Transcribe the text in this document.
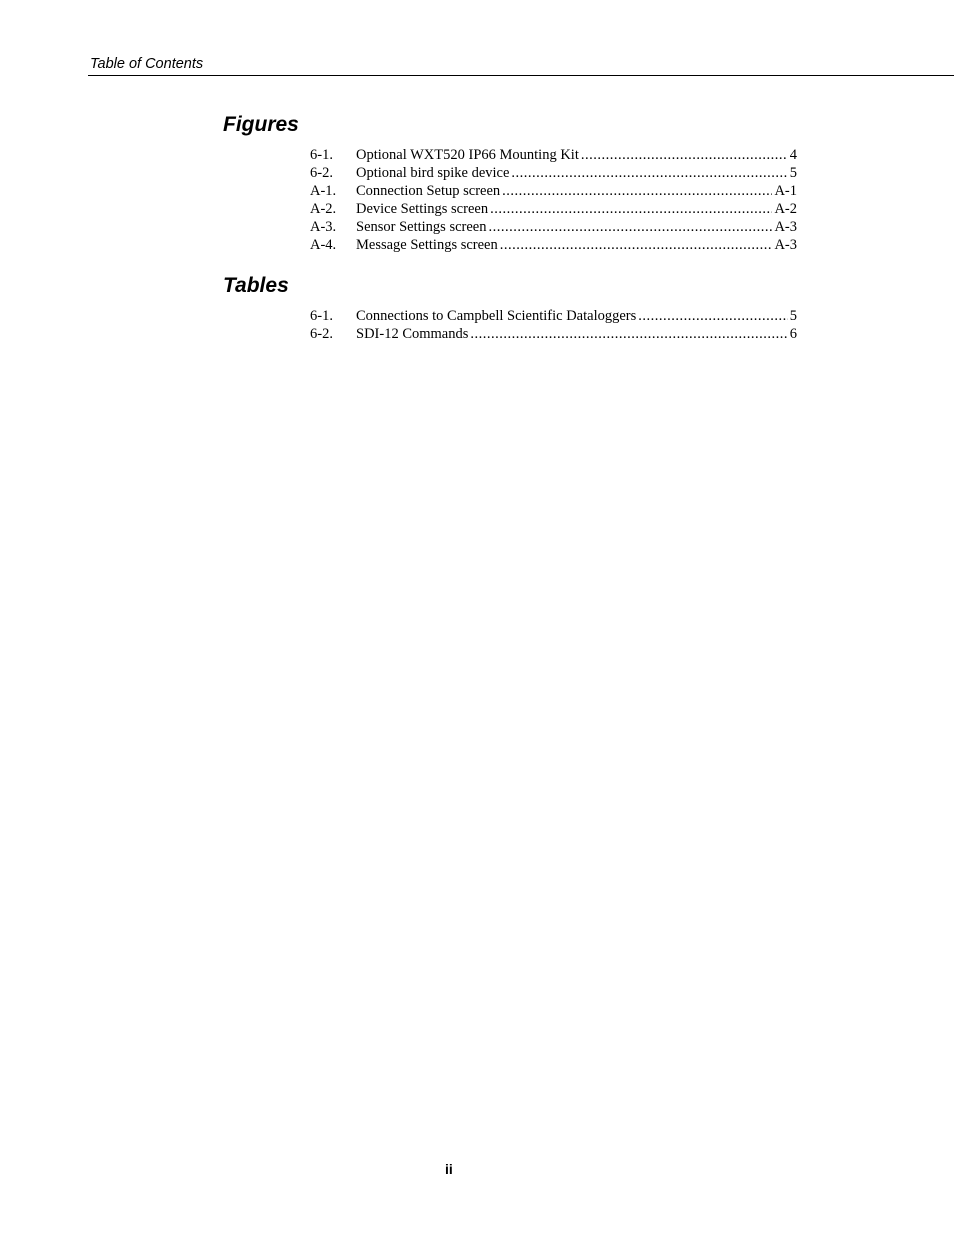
Table of Contents
Figures
6-1.	Optional WXT520 IP66 Mounting Kit .....	4
6-2.	Optional bird spike device .....	5
A-1.	Connection Setup screen .....	A-1
A-2.	Device Settings screen .....	A-2
A-3.	Sensor Settings screen .....	A-3
A-4.	Message Settings screen .....	A-3
Tables
6-1.	Connections to Campbell Scientific Dataloggers .....	5
6-2.	SDI-12 Commands .....	6
ii
